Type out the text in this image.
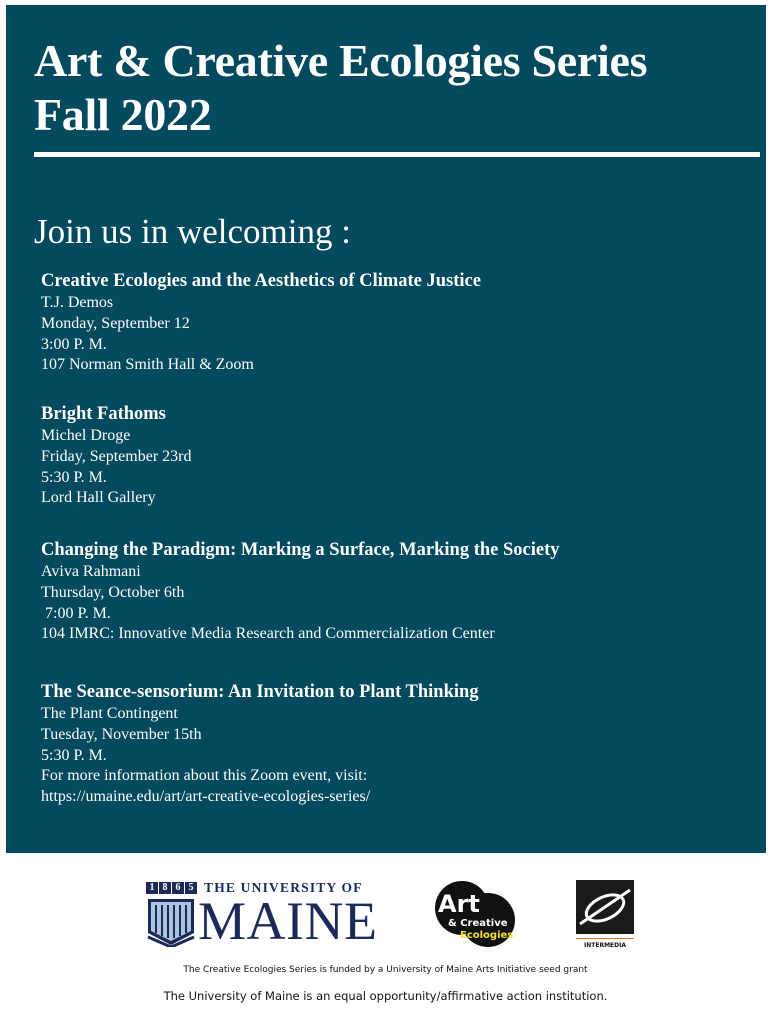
Art & Creative Ecologies Series
Fall 2022
Join us in welcoming :
Creative Ecologies and the Aesthetics of Climate Justice
T.J. Demos
Monday, September 12
3:00 P. M.
107 Norman Smith Hall & Zoom
Bright Fathoms
Michel Droge
Friday, September 23rd
5:30 P. M.
Lord Hall Gallery
Changing the Paradigm: Marking a Surface, Marking the Society
Aviva Rahmani
Thursday, October 6th
7:00 P. M.
104 IMRC: Innovative Media Research and Commercialization Center
The Seance-sensorium: An Invitation to Plant Thinking
The Plant Contingent
Tuesday, November 15th
5:30 P. M.
For more information about this Zoom event, visit:
https://umaine.edu/art/art-creative-ecologies-series/
1 8 6 5 THE UNIVERSITY OF
MAINE	Art
& Creative
Ecologies
INTERMEDIA
The Creative Ecologies Series is funded by a University of Maine Arts Initiative seed grant
The University of Maine is an equal opportunity/affirmative action institution.
